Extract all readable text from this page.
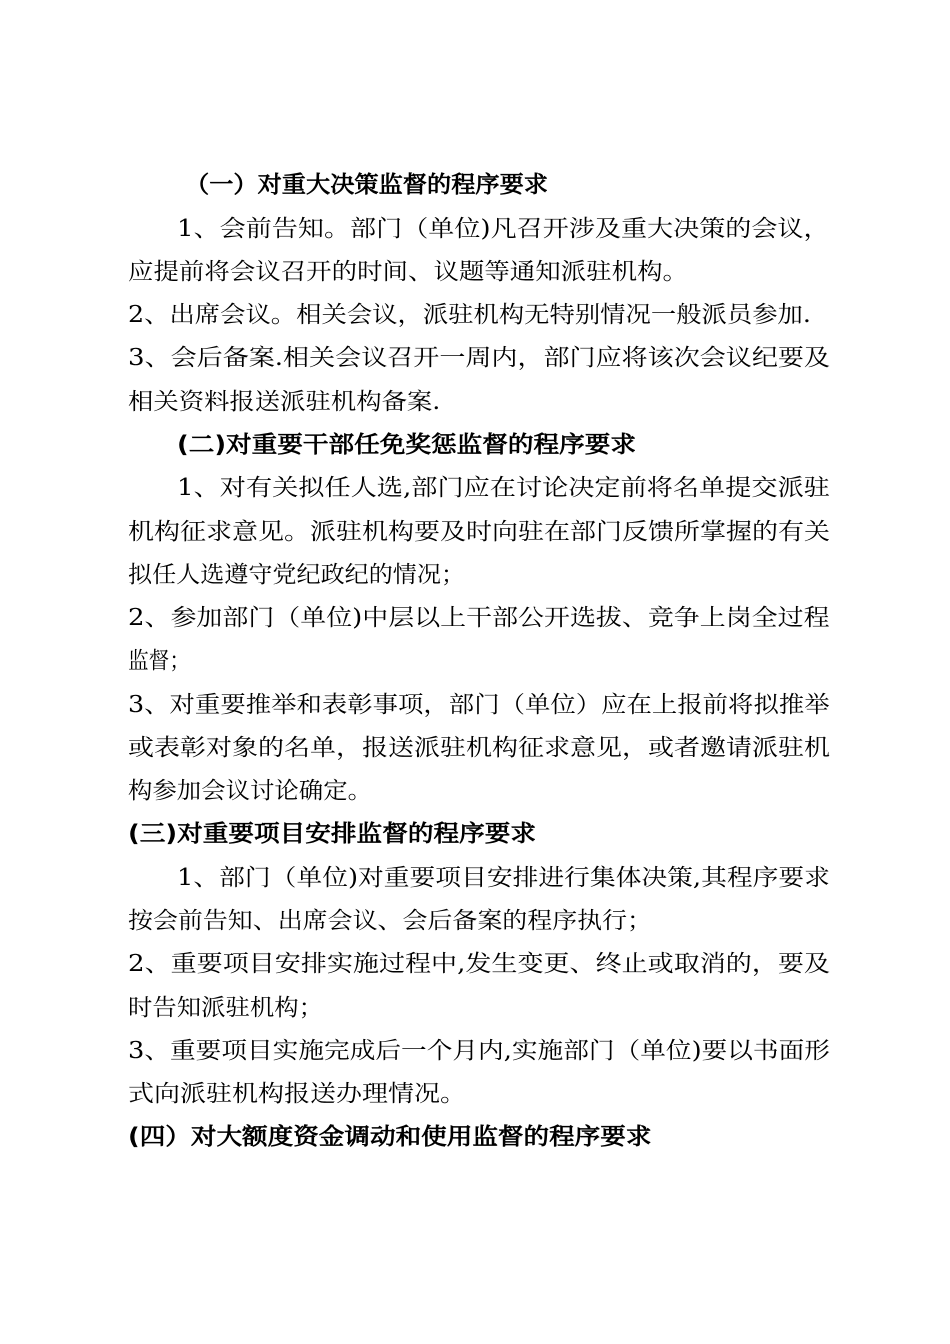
（一）对重大决策监督的程序要求
1、会前告知。部门（单位)凡召开涉及重大决策的会议，
应提前将会议召开的时间、议题等通知派驻机构。
2、出席会议。相关会议，派驻机构无特别情况一般派员参加.
3、会后备案.相关会议召开一周内，部门应将该次会议纪要及
相关资料报送派驻机构备案.
(二)对重要干部任免奖惩监督的程序要求
1、对有关拟任人选,部门应在讨论决定前将名单提交派驻
机构征求意见。派驻机构要及时向驻在部门反馈所掌握的有关
拟任人选遵守党纪政纪的情况；
2、参加部门（单位)中层以上干部公开选拔、竞争上岗全过程
监督；
3、对重要推举和表彰事项，部门（单位）应在上报前将拟推举
或表彰对象的名单，报送派驻机构征求意见，或者邀请派驻机
构参加会议讨论确定。
(三)对重要项目安排监督的程序要求
1、部门（单位)对重要项目安排进行集体决策,其程序要求
按会前告知、出席会议、会后备案的程序执行；
2、重要项目安排实施过程中,发生变更、终止或取消的，要及
时告知派驻机构；
3、重要项目实施完成后一个月内,实施部门（单位)要以书面形
式向派驻机构报送办理情况。
(四）对大额度资金调动和使用监督的程序要求
